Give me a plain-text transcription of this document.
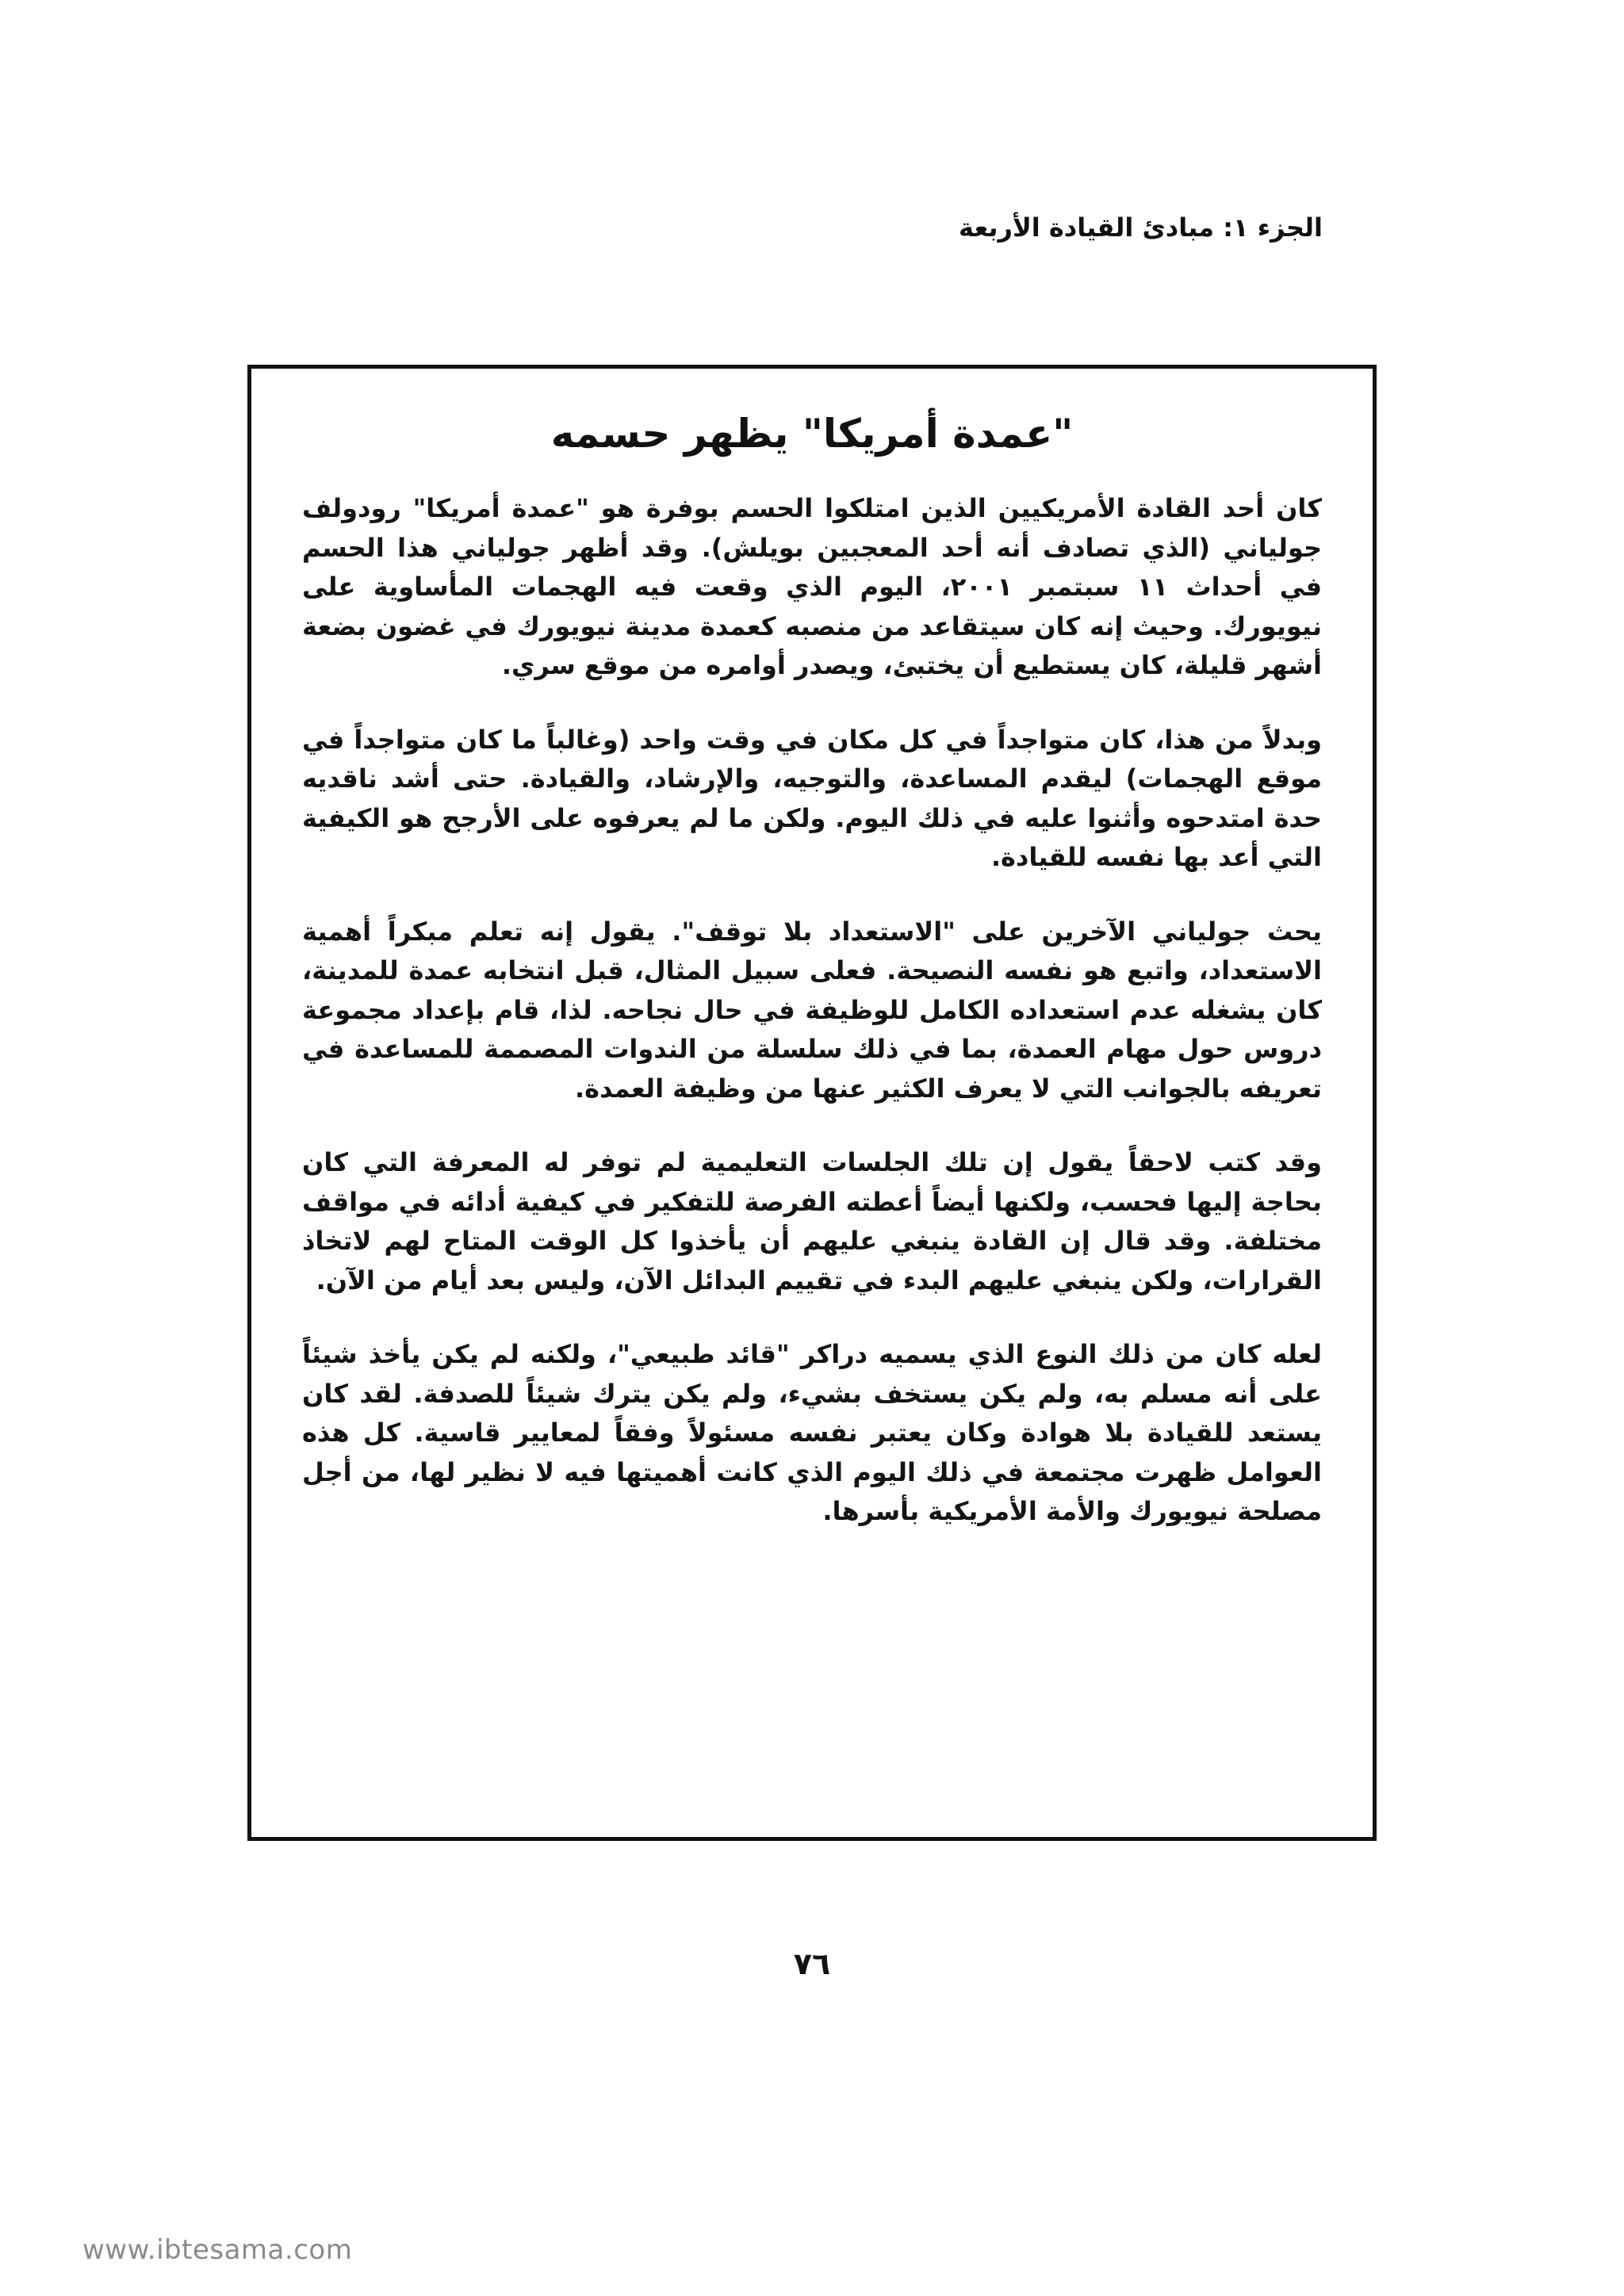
الجزء ١: مبادئ القيادة الأربعة
"عمدة أمريكا" يظهر حسمه

كان أحد القادة الأمريكيين الذين امتلكوا الحسم بوفرة هو "عمدة أمريكا" رودولف جولياني (الذي تصادف أنه أحد المعجبين بويلش). وقد أظهر جولياني هذا الحسم في أحداث ١١ سبتمبر ٢٠٠١، اليوم الذي وقعت فيه الهجمات المأساوية على نيويورك. وحيث إنه كان سيتقاعد من منصبه كعمدة مدينة نيويورك في غضون بضعة أشهر قليلة، كان يستطيع أن يختبئ، ويصدر أوامره من موقع سري.

وبدلاً من هذا، كان متواجداً في كل مكان في وقت واحد (وغالباً ما كان متواجداً في موقع الهجمات) ليقدم المساعدة، والتوجيه، والإرشاد، والقيادة. حتى أشد ناقديه حدة امتدحوه وأثنوا عليه في ذلك اليوم. ولكن ما لم يعرفوه على الأرجح هو الكيفية التي أعد بها نفسه للقيادة.

يحث جولياني الآخرين على "الاستعداد بلا توقف". يقول إنه تعلم مبكراً أهمية الاستعداد، واتبع هو نفسه النصيحة. فعلى سبيل المثال، قبل انتخابه عمدة للمدينة، كان يشغله عدم استعداده الكامل للوظيفة في حال نجاحه. لذا، قام بإعداد مجموعة دروس حول مهام العمدة، بما في ذلك سلسلة من الندوات المصممة للمساعدة في تعريفه بالجوانب التي لا يعرف الكثير عنها من وظيفة العمدة.

وقد كتب لاحقاً يقول إن تلك الجلسات التعليمية لم توفر له المعرفة التي كان بحاجة إليها فحسب، ولكنها أيضاً أعطته الفرصة للتفكير في كيفية أدائه في مواقف مختلفة. وقد قال إن القادة ينبغي عليهم أن يأخذوا كل الوقت المتاح لهم لاتخاذ القرارات، ولكن ينبغي عليهم البدء في تقييم البدائل الآن، وليس بعد أيام من الآن.

لعله كان من ذلك النوع الذي يسميه دراكر "قائد طبيعي"، ولكنه لم يكن يأخذ شيئاً على أنه مسلم به، ولم يكن يستخف بشيء، ولم يكن يترك شيئاً للصدفة. لقد كان يستعد للقيادة بلا هوادة وكان يعتبر نفسه مسئولاً وفقاً لمعايير قاسية. كل هذه العوامل ظهرت مجتمعة في ذلك اليوم الذي كانت أهميتها فيه لا نظير لها، من أجل مصلحة نيويورك والأمة الأمريكية بأسرها.

٧٦
www.ibtesama.com
